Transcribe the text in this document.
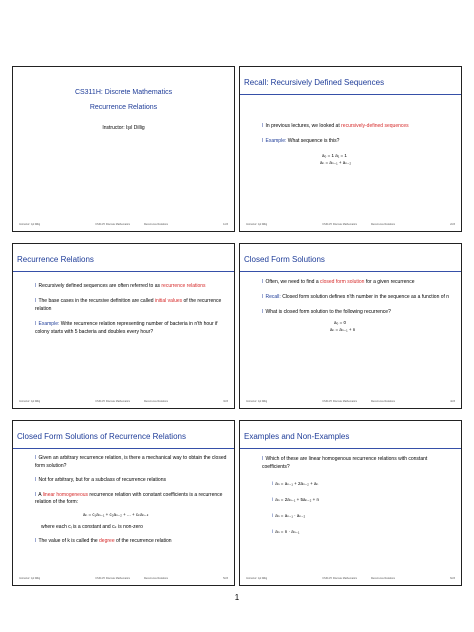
CS311H: Discrete Mathematics
Recurrence Relations
Instructor: Işıl Dillig
Instructor: Işıl Dillig	CS311H: Discrete Mathematics	Recurrence Relations	1/23
Recall: Recursively Defined Sequences
l In previous lectures, we looked at recursively-defined sequences
l Example: What sequence is this?
a₀ = 1 a₁ = 1
aₙ = aₙ₋₁ + aₙ₋₂
Instructor: Işıl Dillig	CS311H: Discrete Mathematics	Recurrence Relations	2/23
Recurrence Relations
l Recursively defined sequences are often referred to as recurrence relations
l The base cases in the recursive definition are called initial values of the recurrence relation
l Example: Write recurrence relation representing number of bacteria in n'th hour if colony starts with 5 bacteria and doubles every hour?
Instructor: Işıl Dillig	CS311H: Discrete Mathematics	Recurrence Relations	3/23
Closed Form Solutions
l Often, we need to find a closed form solution for a given recurrence
l Recall: Closed form solution defines n'th number in the sequence as a function of n
l What is closed form solution to the following recurrence?
a₀ = 0
aₙ = aₙ₋₁ + n
Instructor: Işıl Dillig	CS311H: Discrete Mathematics	Recurrence Relations	4/23
Closed Form Solutions of Recurrence Relations
l Given an arbitrary recurrence relation, is there a mechanical way to obtain the closed form solution?
l Not for arbitrary, but for a subclass of recurrence relations
l A linear homogeneous recurrence relation with constant coefficients is a recurrence relation of the form:
aₙ = c₁aₙ₋₁ + c₂aₙ₋₂ + ... + cₖaₙ₋ₖ
where each cᵢ is a constant and cₖ is non-zero
l The value of k is called the degree of the recurrence relation
Instructor: Işıl Dillig	CS311H: Discrete Mathematics	Recurrence Relations	5/23
Examples and Non-Examples
l Which of these are linear homogenous recurrence relations with constant coefficients?
l aₙ = aₙ₋₁ + 2aₙ₋₂ + aₙ
l aₙ = 2aₙ₋₁ + 5aₙ₋₂ + n
l aₙ = aₙ₋₁ · aₙ₋₂
l aₙ = n · aₙ₋₁
Instructor: Işıl Dillig	CS311H: Discrete Mathematics	Recurrence Relations	6/23
1
